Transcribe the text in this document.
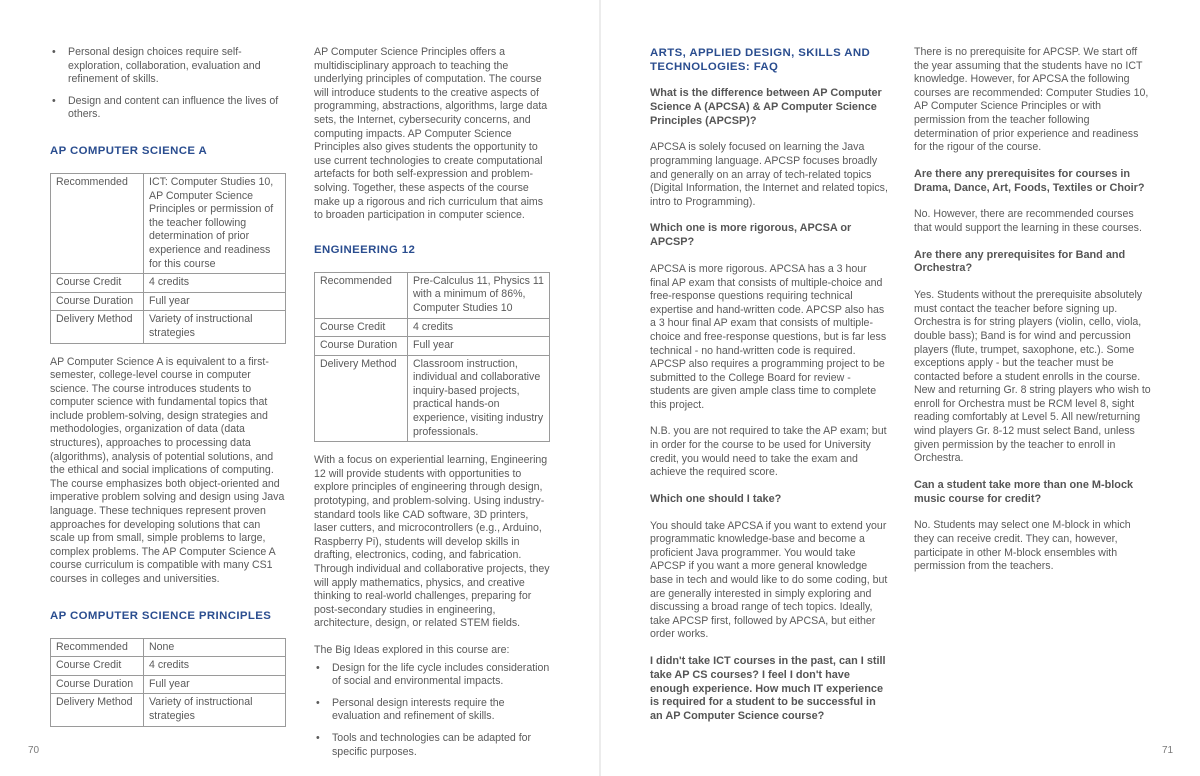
• Personal design choices require self-exploration, collaboration, evaluation and refinement of skills.
• Design and content can influence the lives of others.
AP COMPUTER SCIENCE A
Recommended	ICT: Computer Studies 10, AP Computer Science Principles or permission of the teacher following determination of prior experience and readiness for this course
Course Credit	4 credits
Course Duration	Full year
Delivery Method	Variety of instructional strategies

AP Computer Science A is equivalent to a first-semester, college-level course in computer science. The course introduces students to computer science with fundamental topics that include problem-solving, design strategies and methodologies, organization of data (data structures), approaches to processing data (algorithms), analysis of potential solutions, and the ethical and social implications of computing. The course emphasizes both object-oriented and imperative problem solving and design using Java language. These techniques represent proven approaches for developing solutions that can scale up from small, simple problems to large, complex problems. The AP Computer Science A course curriculum is compatible with many CS1 courses in colleges and universities.

AP COMPUTER SCIENCE PRINCIPLES
Recommended	None
Course Credit	4 credits
Course Duration	Full year
Delivery Method	Variety of instructional strategies

AP Computer Science Principles offers a multidisciplinary approach to teaching the underlying principles of computation. The course will introduce students to the creative aspects of programming, abstractions, algorithms, large data sets, the Internet, cybersecurity concerns, and computing impacts. AP Computer Science Principles also gives students the opportunity to use current technologies to create computational artefacts for both self-expression and problem-solving. Together, these aspects of the course make up a rigorous and rich curriculum that aims to broaden participation in computer science.

ENGINEERING 12
Recommended	Pre-Calculus 11, Physics 11 with a minimum of 86%, Computer Studies 10
Course Credit	4 credits
Course Duration	Full year
Delivery Method	Classroom instruction, individual and collaborative inquiry-based projects, practical hands-on experience, visiting industry professionals.

With a focus on experiential learning, Engineering 12 will provide students with opportunities to explore principles of engineering through design, prototyping, and problem-solving. Using industry-standard tools like CAD software, 3D printers, laser cutters, and microcontrollers (e.g., Arduino, Raspberry Pi), students will develop skills in drafting, electronics, coding, and fabrication. Through individual and collaborative projects, they will apply mathematics, physics, and creative thinking to real-world challenges, preparing for post-secondary studies in engineering, architecture, design, or related STEM fields.

The Big Ideas explored in this course are:

• Design for the life cycle includes consideration of social and environmental impacts.
• Personal design interests require the evaluation and refinement of skills.
• Tools and technologies can be adapted for specific purposes.
70
ARTS, APPLIED DESIGN, SKILLS AND TECHNOLOGIES: FAQ
What is the difference between AP Computer Science A (APCSA) & AP Computer Science Principles (APCSP)?

APCSA is solely focused on learning the Java programming language. APCSP focuses broadly and generally on an array of tech-related topics (Digital Information, the Internet and related topics, intro to Programming).

Which one is more rigorous, APCSA or APCSP?

APCSA is more rigorous. APCSA has a 3 hour final AP exam that consists of multiple-choice and free-response questions requiring technical expertise and hand-written code. APCSP also has a 3 hour final AP exam that consists of multiple-choice and free-response questions, but is far less technical - no hand-written code is required. APCSP also requires a programming project to be submitted to the College Board for review - students are given ample class time to complete this project.

N.B. you are not required to take the AP exam; but in order for the course to be used for University credit, you would need to take the exam and achieve the required score.

Which one should I take?

You should take APCSA if you want to extend your programmatic knowledge-base and become a proficient Java programmer. You would take APCSP if you want a more general knowledge base in tech and would like to do some coding, but are generally interested in simply exploring and discussing a broad range of tech topics. Ideally, take APCSP first, followed by APCSA, but either order works.

I didn't take ICT courses in the past, can I still take AP CS courses? I feel I don't have enough experience. How much IT experience is required for a student to be successful in an AP Computer Science course?

There is no prerequisite for APCSP. We start off the year assuming that the students have no ICT knowledge. However, for APCSA the following courses are recommended: Computer Studies 10, AP Computer Science Principles or with permission from the teacher following determination of prior experience and readiness for the rigour of the course.

Are there any prerequisites for courses in Drama, Dance, Art, Foods, Textiles or Choir?

No. However, there are recommended courses that would support the learning in these courses.

Are there any prerequisites for Band and Orchestra?

Yes. Students without the prerequisite absolutely must contact the teacher before signing up. Orchestra is for string players (violin, cello, viola, double bass); Band is for wind and percussion players (flute, trumpet, saxophone, etc.). Some exceptions apply - but the teacher must be contacted before a student enrolls in the course. New and returning Gr. 8 string players who wish to enroll for Orchestra must be RCM level 8, sight reading comfortably at Level 5. All new/returning wind players Gr. 8-12 must select Band, unless given permission by the teacher to enroll in Orchestra.

Can a student take more than one M-block music course for credit?

No. Students may select one M-block in which they can receive credit. They can, however, participate in other M-block ensembles with permission from the teachers.

71
